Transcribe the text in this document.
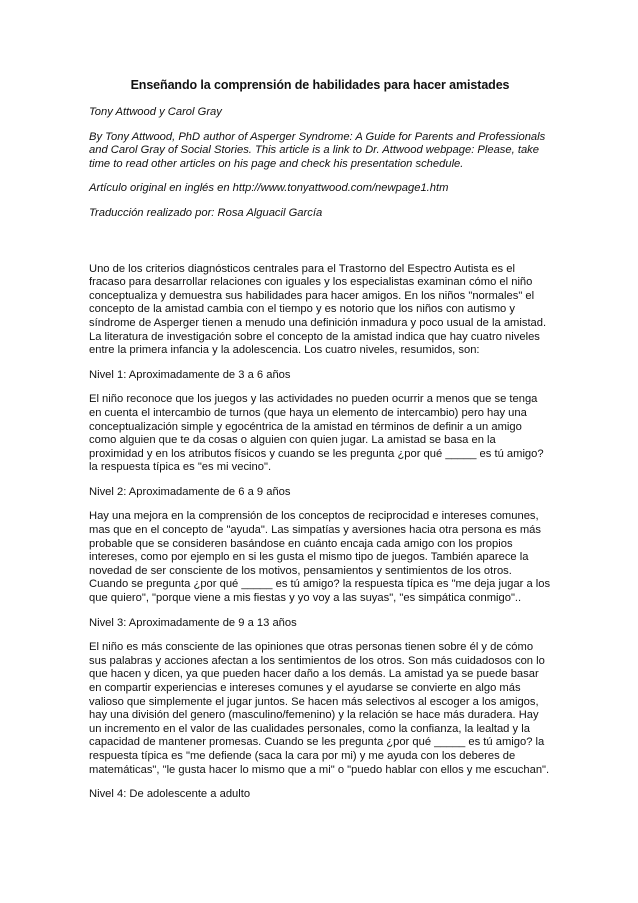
Enseñando la comprensión de habilidades para hacer amistades

Tony Attwood y Carol Gray

By Tony Attwood, PhD author of Asperger Syndrome: A Guide for Parents and Professionals and Carol Gray of Social Stories. This article is a link to Dr. Attwood webpage: Please, take time to read other articles on his page and check his presentation schedule.

Artículo original en inglés en http://www.tonyattwood.com/newpage1.htm

Traducción realizado por: Rosa Alguacil García

Uno de los criterios diagnósticos centrales para el Trastorno del Espectro Autista es el fracaso para desarrollar relaciones con iguales y los especialistas examinan cómo el niño conceptualiza y demuestra sus habilidades para hacer amigos. En los niños "normales" el concepto de la amistad cambia con el tiempo y es notorio que los niños con autismo y síndrome de Asperger tienen a menudo una definición inmadura y poco usual de la amistad. La literatura de investigación sobre el concepto de la amistad indica que hay cuatro niveles entre la primera infancia y la adolescencia. Los cuatro niveles, resumidos, son:

Nivel 1: Aproximadamente de 3 a 6 años

El niño reconoce que los juegos y las actividades no pueden ocurrir a menos que se tenga en cuenta el intercambio de turnos (que haya un elemento de intercambio) pero hay una conceptualización simple y egocéntrica de la amistad en términos de definir a un amigo como alguien que te da cosas o alguien con quien jugar. La amistad se basa en la proximidad y en los atributos físicos y cuando se les pregunta ¿por qué _____ es tú amigo? la respuesta típica es "es mi vecino".

Nivel 2: Aproximadamente de 6 a 9 años

Hay una mejora en la comprensión de los conceptos de reciprocidad e intereses comunes, mas que en el concepto de "ayuda". Las simpatías y aversiones hacia otra persona es más probable que se consideren basándose en cuánto encaja cada amigo con los propios intereses, como por ejemplo en si les gusta el mismo tipo de juegos. También aparece la novedad de ser consciente de los motivos, pensamientos y sentimientos de los otros. Cuando se pregunta ¿por qué _____ es tú amigo? la respuesta típica es "me deja jugar a los que quiero", "porque viene a mis fiestas y yo voy a las suyas", "es simpática conmigo"..

Nivel 3: Aproximadamente de 9 a 13 años

El niño es más consciente de las opiniones que otras personas tienen sobre él y de cómo sus palabras y acciones afectan a los sentimientos de los otros. Son más cuidadosos con lo que hacen y dicen, ya que pueden hacer daño a los demás. La amistad ya se puede basar en compartir experiencias e intereses comunes y el ayudarse se convierte en algo más valioso que simplemente el jugar juntos. Se hacen más selectivos al escoger a los amigos, hay una división del genero (masculino/femenino) y la relación se hace más duradera. Hay un incremento en el valor de las cualidades personales, como la confianza, la lealtad y la capacidad de mantener promesas. Cuando se les pregunta ¿por qué _____ es tú amigo? la respuesta típica es "me defiende (saca la cara por mi) y me ayuda con los deberes de matemáticas", "le gusta hacer lo mismo que a mi" o "puedo hablar con ellos y me escuchan".

Nivel 4: De adolescente a adulto
